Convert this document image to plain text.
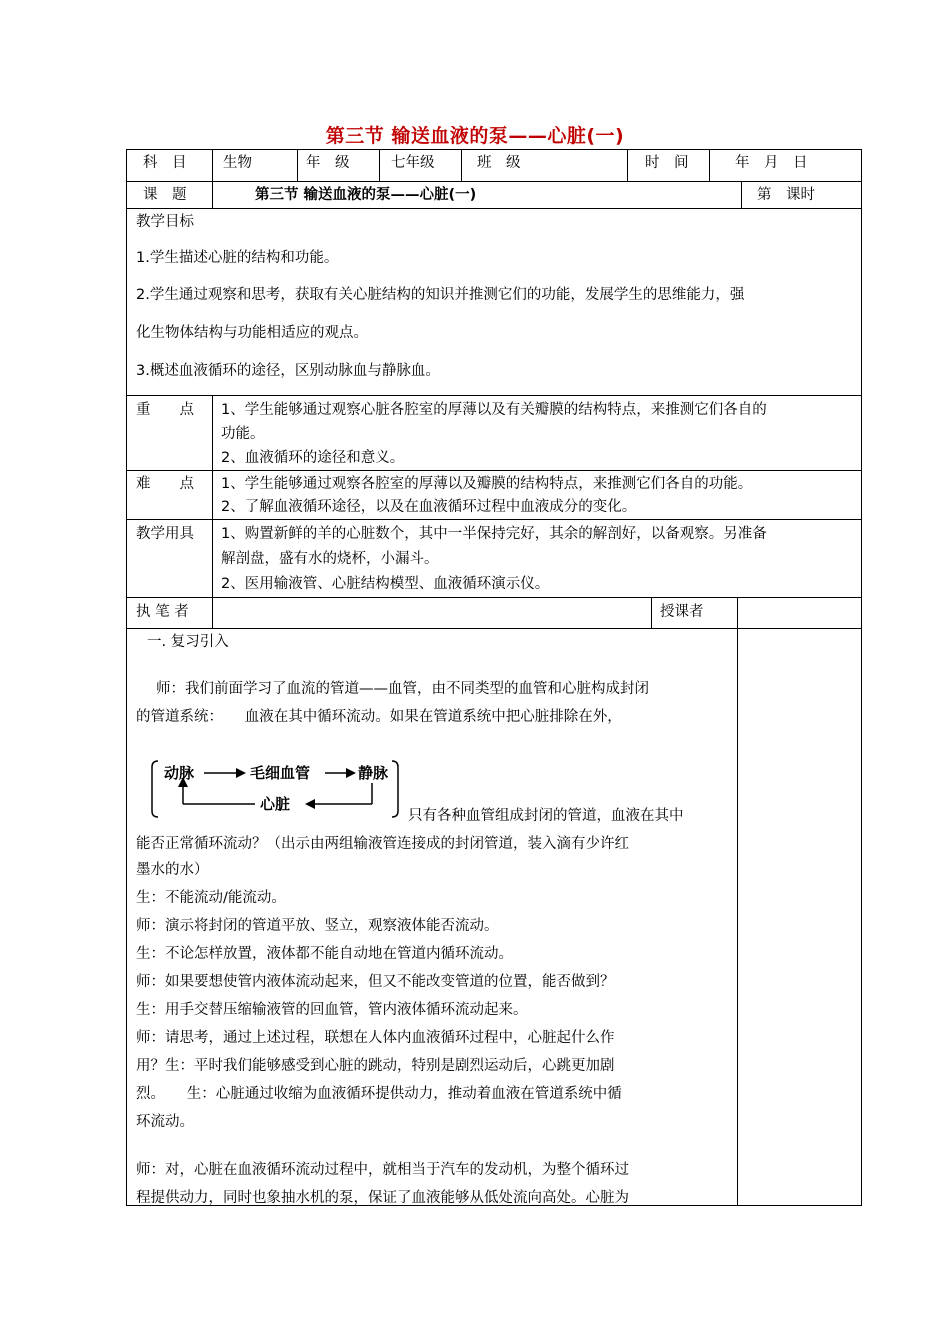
第三节 输送血液的泵——心脏(一)
科　目	生物	年　级	七年级	班　级	时　间	年　月　日
课　题	第三节 输送血液的泵——心脏(一)	第　课时
教学目标
1.学生描述心脏的结构和功能。
2.学生通过观察和思考，获取有关心脏结构的知识并推测它们的功能，发展学生的思维能力，强
化生物体结构与功能相适应的观点。
3.概述血液循环的途径，区别动脉血与静脉血。
重　　点 1、学生能够通过观察心脏各腔室的厚薄以及有关瓣膜的结构特点，来推测它们各自的
功能。
2、血液循环的途径和意义。
难　　点 1、学生能够通过观察各腔室的厚薄以及瓣膜的结构特点，来推测它们各自的功能。
2、了解血液循环途径，以及在血液循环过程中血液成分的变化。
教学用具 1、购置新鲜的羊的心脏数个，其中一半保持完好，其余的解剖好，以备观察。另准备
解剖盘，盛有水的烧杯，小漏斗。
2、医用输液管、心脏结构模型、血液循环演示仪。
执 笔 者	授课者
一. 复习引入
师：我们前面学习了血流的管道——血管，由不同类型的血管和心脏构成封闭
的管道系统：　　血液在其中循环流动。如果在管道系统中把心脏排除在外，
动脉	毛细血管	静脉
心脏
只有各种血管组成封闭的管道，血液在其中
能否正常循环流动？（出示由两组输液管连接成的封闭管道，装入滴有少许红
墨水的水）
生：不能流动/能流动。
师：演示将封闭的管道平放、竖立，观察液体能否流动。
生：不论怎样放置，液体都不能自动地在管道内循环流动。
师：如果要想使管内液体流动起来，但又不能改变管道的位置，能否做到？
生：用手交替压缩输液管的回血管，管内液体循环流动起来。
师：请思考，通过上述过程，联想在人体内血液循环过程中，心脏起什么作
用？生：平时我们能够感受到心脏的跳动，特别是剧烈运动后，心跳更加剧
烈。　　生：心脏通过收缩为血液循环提供动力，推动着血液在管道系统中循
环流动。
师：对，心脏在血液循环流动过程中，就相当于汽车的发动机，为整个循环过
程提供动力，同时也象抽水机的泵，保证了血液能够从低处流向高处。心脏为
